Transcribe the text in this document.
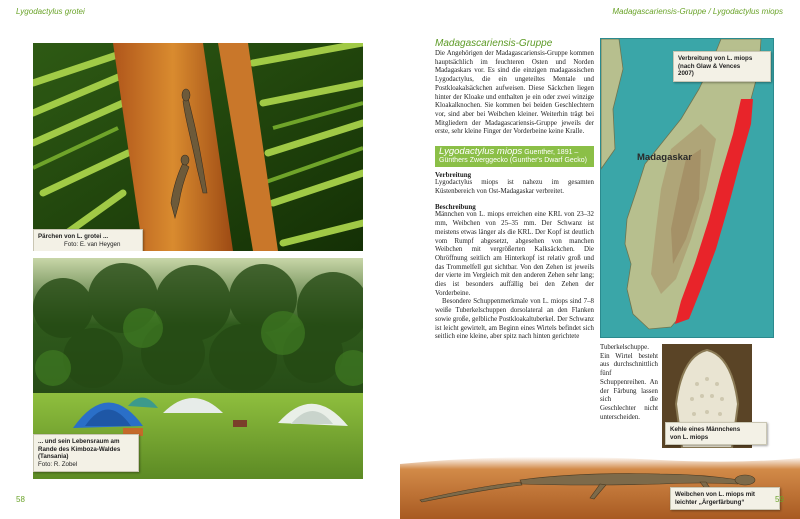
Lygodactylus grotei	Madagascariensis-Gruppe / Lygodactylus miops
Pärchen von L. grotei ...
Foto: E. van Heygen
... und sein Lebensraum am
Rande des Kimboza-Waldes
(Tansania)
Foto: R. Zobel
58
Madagascariensis-Gruppe
Die Angehörigen der Madagascariensis-Gruppe kommen hauptsächlich im feuchteren Osten und Norden Madagaskars vor. Es sind die einzigen madagassischen Lygodactylus, die ein ungeteiltes Mentale und Postkloakalsäckchen aufweisen. Diese Säckchen liegen hinter der Kloake und enthalten je ein oder zwei winzige Kloakalknochen. Sie kommen bei beiden Geschlechtern vor, sind aber bei Weibchen kleiner. Weiterhin trägt bei Mitgliedern der Madagascariensis-Gruppe jeweils der erste, sehr kleine Finger der Vorderbeine keine Kralle.
Lygodactylus miops Guenther, 1891 – Günthers Zwerggecko (Gunther's Dwarf Gecko)
Verbreitung
Lygodactylus miops ist nahezu im gesamten Küstenbereich von Ost-Madagaskar verbreitet.
Beschreibung
Männchen von L. miops erreichen eine KRL von 23–32 mm, Weibchen von 25–35 mm. Der Schwanz ist meistens etwas länger als die KRL. Der Kopf ist deutlich vom Rumpf abgesetzt, abgesehen von manchen Weibchen mit vergrößerten Kalksäckchen. Die Ohröffnung seitlich am Hinterkopf ist relativ groß und das Trommelfell gut sichtbar. Von den Zehen ist jeweils der vierte im Vergleich mit den anderen Zehen sehr lang; dies ist besonders auffällig bei den Zehen der Vorderbeine.
Besondere Schuppenmerkmale von L. miops sind 7–8 weiße Tuberkelschuppen dorsolateral an den Flanken sowie große, gelbliche Postkloakaltuberkel. Der Schwanz ist leicht gewirtelt, am Beginn eines Wirtels befindet sich seitlich eine kleine, aber spitz nach hinten gerichtete
Tuberkelschuppe. Ein Wirtel besteht aus durchschnittlich fünf Schuppenreihen. An der Färbung lassen sich die Geschlechter nicht unterscheiden.
Madagaskar
Verbreitung von L. miops
(nach Glaw & Vences
2007)
Kehle eines Männchens
von L. miops
Weibchen von L. miops mit
leichter „Ärgerfärbung“	59
